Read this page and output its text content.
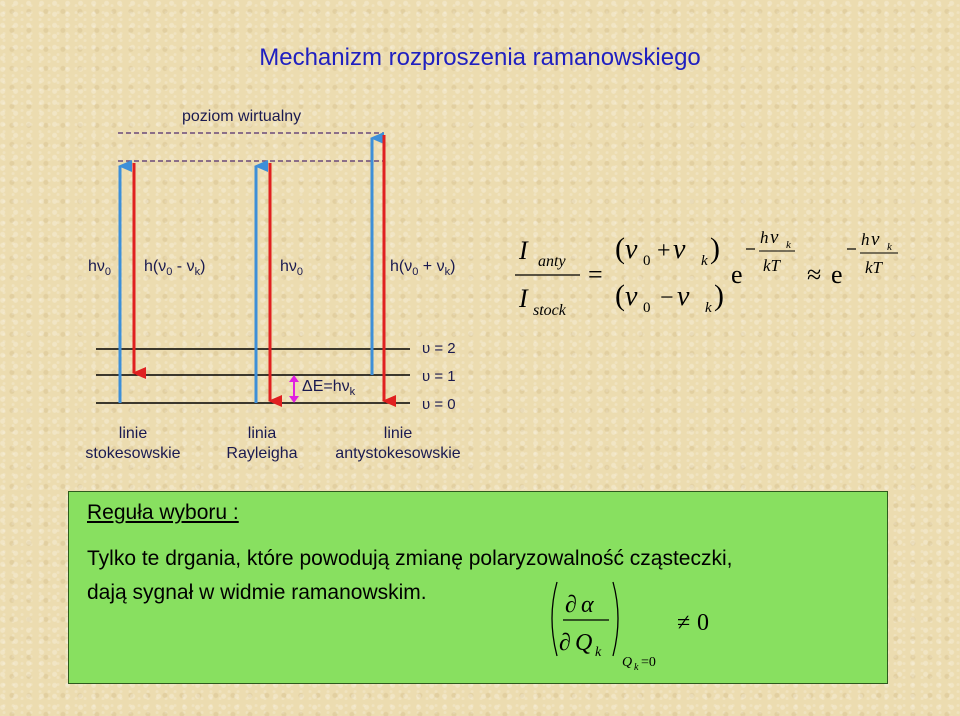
Mechanizm rozproszenia ramanowskiego
poziom wirtualny
$h\nu_0$ $h(\nu_0 - \nu_k)$	$h\nu_0$	$h(\nu_0 + \nu_k)$
υ = 2
υ = 1
υ = 0
$\Delta E=h\nu_k$
linie
stokesowskie
linia
Rayleigha
linie
antystokesowskie
I anty
I stock
=
( ν 0 + ν k )
( ν 0 − ν k )
e
h ν k
kT ≈ e
h ν k
kT
Reguła wyboru :
Tylko te drgania, które powodują zmianę polaryzowalność cząsteczki,
dają sygnał w widmie ramanowskim.	∂ α
∂ Q k
Q k =0
≠ 0
